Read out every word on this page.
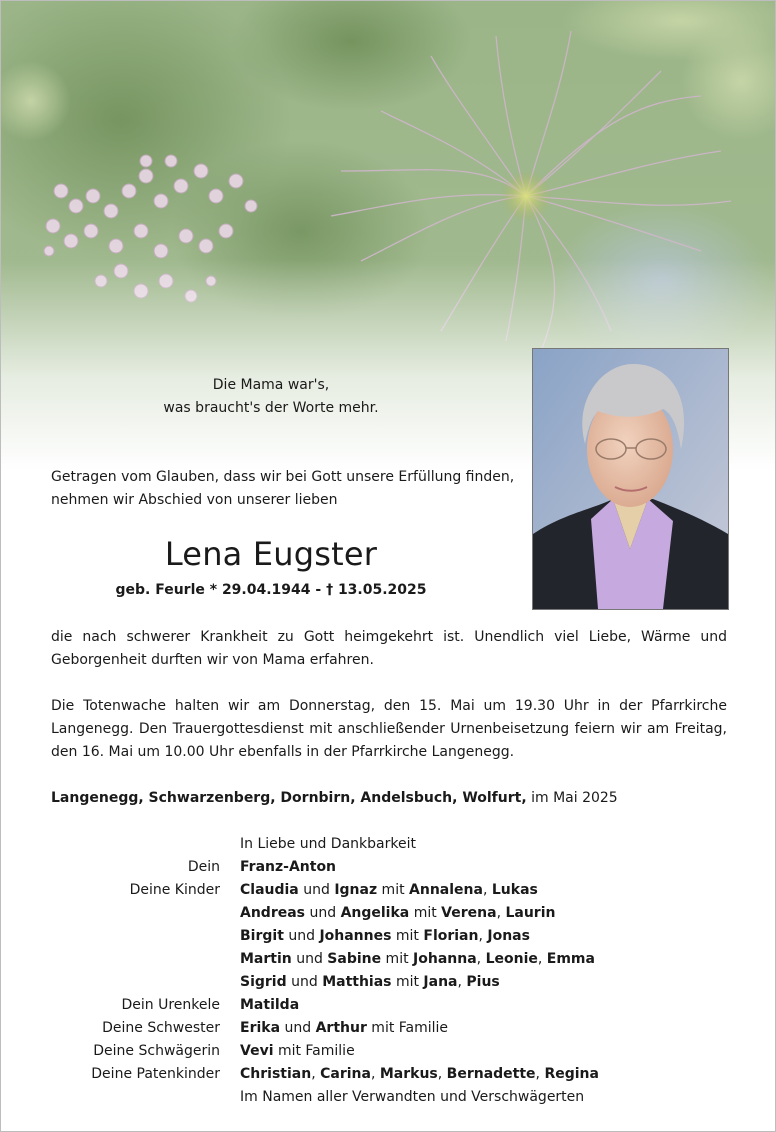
Die Mama war's,
was braucht's der Worte mehr.
Getragen vom Glauben, dass wir bei Gott unsere Erfüllung finden, nehmen wir Abschied von unserer lieben
Lena Eugster
geb. Feurle * 29.04.1944 - † 13.05.2025
die nach schwerer Krankheit zu Gott heimgekehrt ist. Unendlich viel Liebe, Wärme und Geborgenheit durften wir von Mama erfahren.
Die Totenwache halten wir am Donnerstag, den 15. Mai um 19.30 Uhr in der Pfarrkirche Langenegg. Den Trauergottesdienst mit anschließender Urnenbeisetzung feiern wir am Freitag, den 16. Mai um 10.00 Uhr ebenfalls in der Pfarrkirche Langenegg.
Langenegg, Schwarzenberg, Dornbirn, Andelsbuch, Wolfurt, im Mai 2025
In Liebe und Dankbarkeit
Dein	Franz-Anton
Deine Kinder	Claudia und Ignaz mit Annalena, Lukas
Andreas und Angelika mit Verena, Laurin
Birgit und Johannes mit Florian, Jonas
Martin und Sabine mit Johanna, Leonie, Emma
Sigrid und Matthias mit Jana, Pius
Dein Urenkele	Matilda
Deine Schwester	Erika und Arthur mit Familie
Deine Schwägerin	Vevi mit Familie
Deine Patenkinder	Christian, Carina, Markus, Bernadette, Regina
Im Namen aller Verwandten und Verschwägerten
